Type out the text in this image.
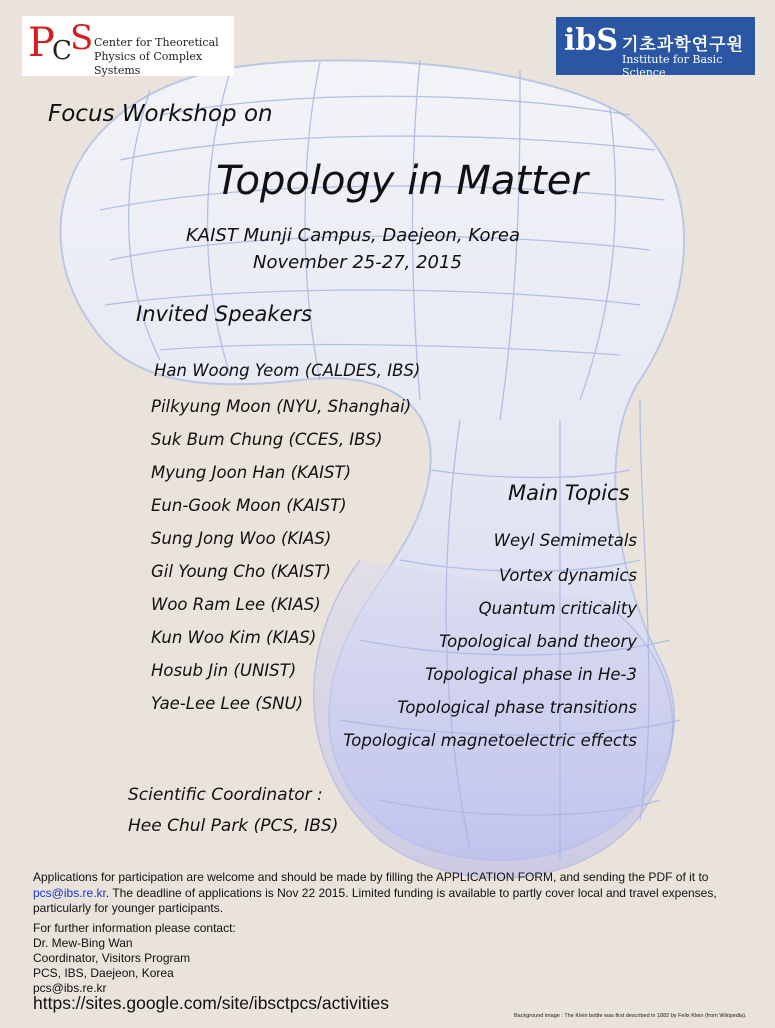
P
C
S Center for Theoretical
Physics of Complex Systems
ibS 기초과학연구원
Institute for Basic Science
Focus Workshop on
Topology in Matter
KAIST Munji Campus, Daejeon, Korea
November 25-27, 2015
Invited Speakers
Han Woong Yeom (CALDES, IBS)
Pilkyung Moon (NYU, Shanghai)
Suk Bum Chung (CCES, IBS)
Myung Joon Han (KAIST)
Eun-Gook Moon (KAIST)
Sung Jong Woo (KIAS)
Gil Young Cho (KAIST)
Woo Ram Lee (KIAS)
Kun Woo Kim (KIAS)
Hosub Jin (UNIST)
Yae-Lee Lee (SNU)
Main Topics
Weyl Semimetals
Vortex dynamics
Quantum criticality
Topological band theory
Topological phase in He-3
Topological phase transitions
Topological magnetoelectric effects
Scientific Coordinator :
Hee Chul Park (PCS, IBS)
Applications for participation are welcome and should be made by filling the APPLICATION FORM, and sending the PDF of it to
pcs@ibs.re.kr. The deadline of applications is Nov 22 2015. Limited funding is available to partly cover local and travel expenses, particularly for younger participants.
For further information please contact:
Dr. Mew-Bing Wan
Coordinator, Visitors Program
PCS, IBS, Daejeon, Korea
pcs@ibs.re.kr
https://sites.google.com/site/ibsctpcs/activities
Background image : The Klein bottle was first described in 1882 by Felix Klein (from Wikipedia).
